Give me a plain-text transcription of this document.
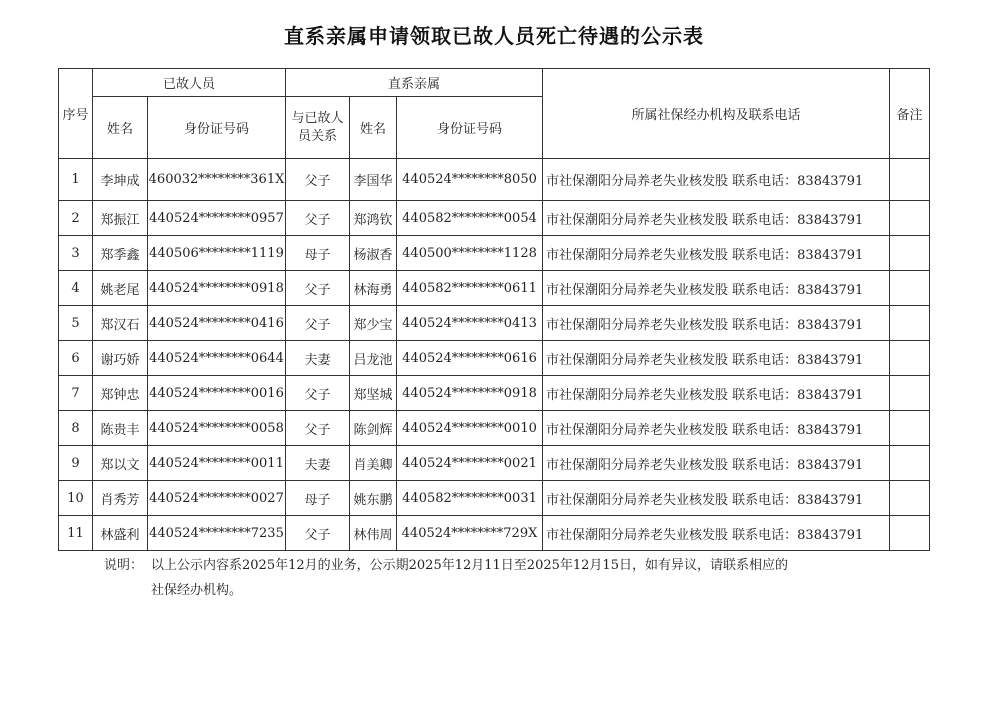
直系亲属申请领取已故人员死亡待遇的公示表
序号	已故人员		直系亲属			所属社保经办机构及联系电话	备注
	姓名	身份证号码	与已故人员关系	姓名	身份证号码		
1	李坤成	460032********361X	父子	李国华	440524********8050	市社保潮阳分局养老失业核发股 联系电话：83843791	
2	郑振江	440524********0957	父子	郑鸿钦	440582********0054	市社保潮阳分局养老失业核发股 联系电话：83843791	
3	郑季鑫	440506********1119	母子	杨淑香	440500********1128	市社保潮阳分局养老失业核发股 联系电话：83843791	
4	姚老尾	440524********0918	父子	林海勇	440582********0611	市社保潮阳分局养老失业核发股 联系电话：83843791	
5	郑汉石	440524********0416	父子	郑少宝	440524********0413	市社保潮阳分局养老失业核发股 联系电话：83843791	
6	谢巧娇	440524********0644	夫妻	吕龙池	440524********0616	市社保潮阳分局养老失业核发股 联系电话：83843791	
7	郑钟忠	440524********0016	父子	郑坚城	440524********0918	市社保潮阳分局养老失业核发股 联系电话：83843791	
8	陈贵丰	440524********0058	父子	陈剑辉	440524********0010	市社保潮阳分局养老失业核发股 联系电话：83843791	
9	郑以文	440524********0011	夫妻	肖美卿	440524********0021	市社保潮阳分局养老失业核发股 联系电话：83843791	
10	肖秀芳	440524********0027	母子	姚东鹏	440582********0031	市社保潮阳分局养老失业核发股 联系电话：83843791	
11	林盛利	440524********7235	父子	林伟周	440524********729X	市社保潮阳分局养老失业核发股 联系电话：83843791	
说明： 以上公示内容系2025年12月的业务，公示期2025年12月11日至2025年12月15日，如有异议，请联系相应的
社保经办机构。
